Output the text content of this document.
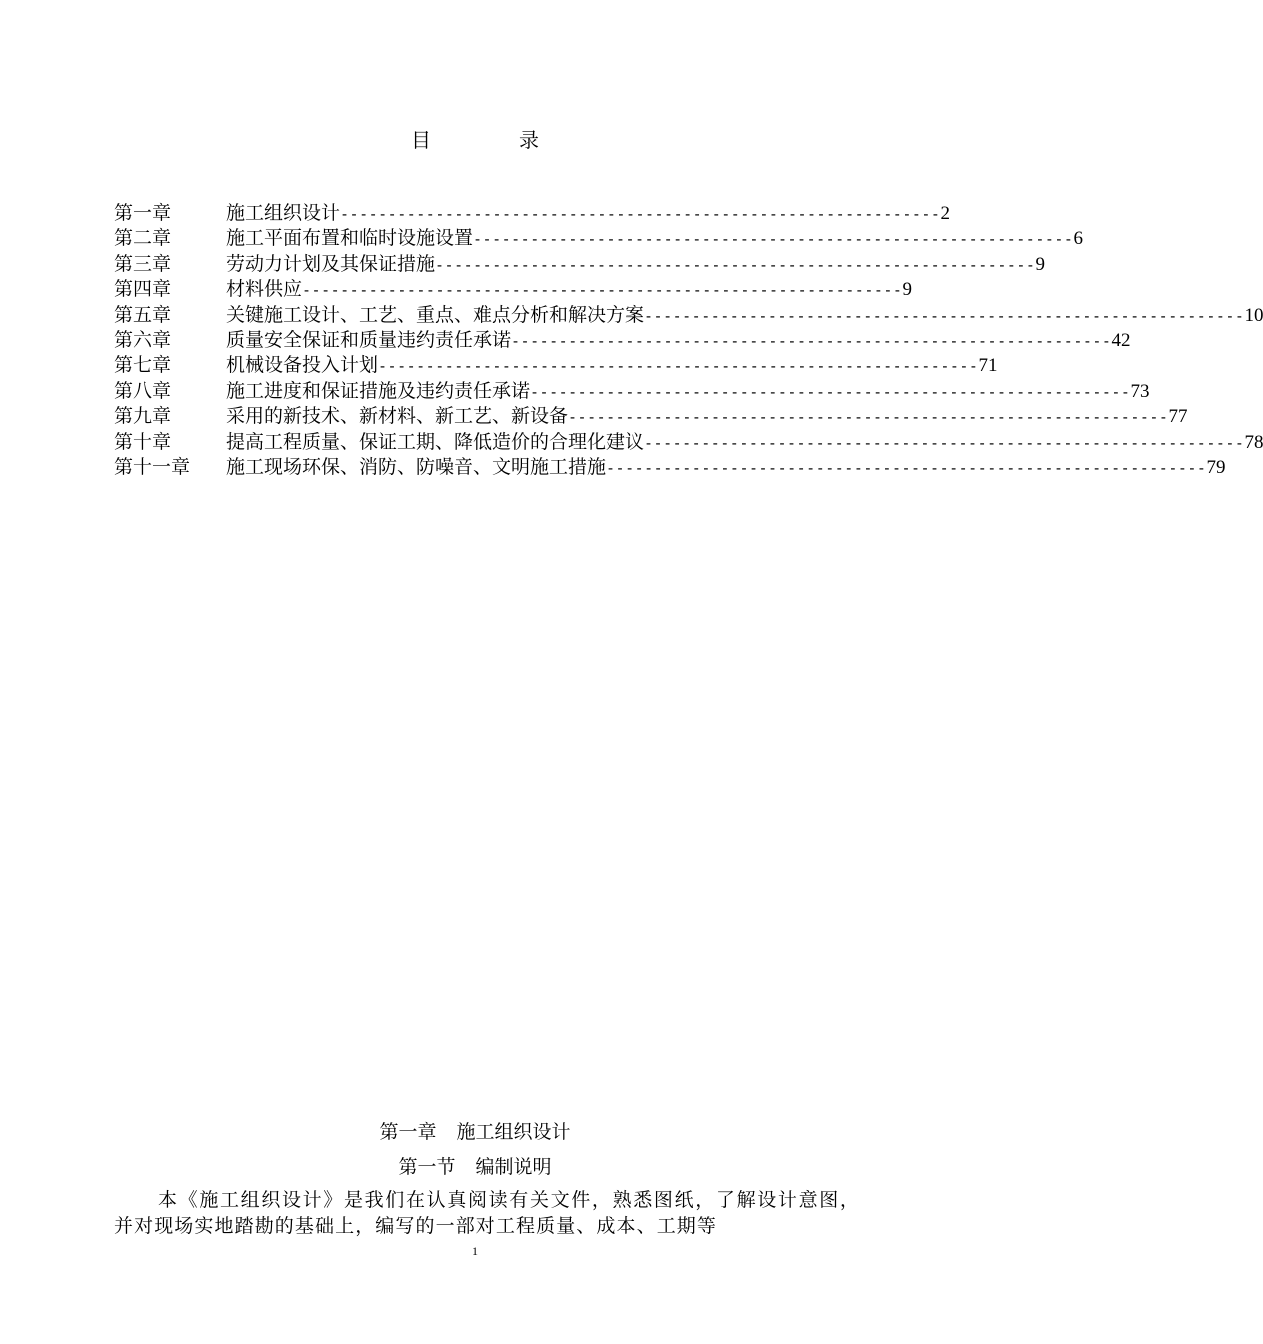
目　录
第一章	施工组织设计 --------------------------------------------------------------- 2
第二章	施工平面布置和临时设施设置 --------------------------------------------------------------- 6
第三章	劳动力计划及其保证措施 --------------------------------------------------------------- 9
第四章	材料供应 --------------------------------------------------------------- 9
第五章	关键施工设计、工艺、重点、难点分析和解决方案 --------------------------------------------------------------- 10
第六章	质量安全保证和质量违约责任承诺 --------------------------------------------------------------- 42
第七章	机械设备投入计划 --------------------------------------------------------------- 71
第八章	施工进度和保证措施及违约责任承诺 --------------------------------------------------------------- 73
第九章	采用的新技术、新材料、新工艺、新设备 --------------------------------------------------------------- 77
第十章	提高工程质量、保证工期、降低造价的合理化建议 --------------------------------------------------------------- 78
第十一章	施工现场环保、消防、防噪音、文明施工措施 --------------------------------------------------------------- 79
第一章 施工组织设计
第一节 编制说明
本《施工组织设计》是我们在认真阅读有关文件，熟悉图纸，了解设计意图，并对现场实地踏勘的基础上，编写的一部对工程质量、成本、工期等
1
